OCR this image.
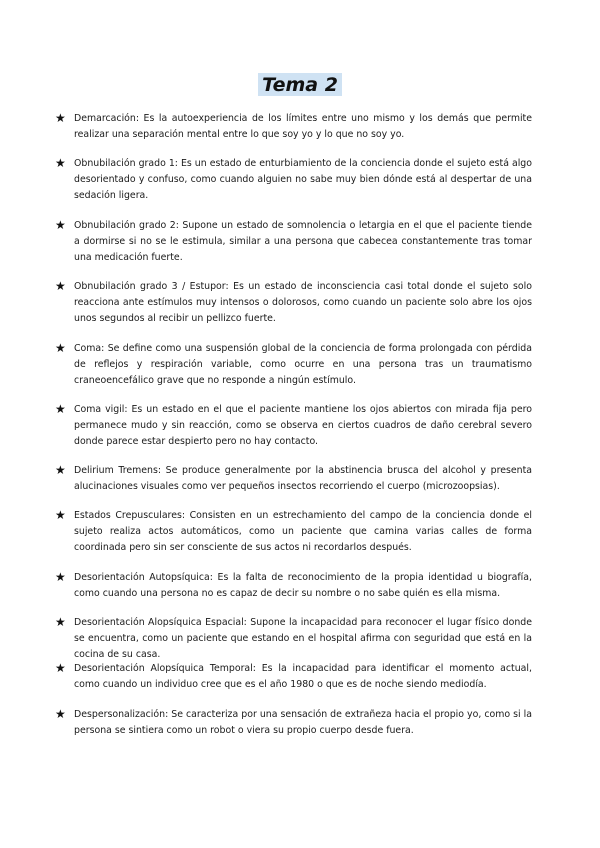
Tema 2
★ Demarcación: Es la autoexperiencia de los límites entre uno mismo y los demás que permite realizar una separación mental entre lo que soy yo y lo que no soy yo.
★ Obnubilación grado 1: Es un estado de enturbiamiento de la conciencia donde el sujeto está algo desorientado y confuso, como cuando alguien no sabe muy bien dónde está al despertar de una sedación ligera.
★ Obnubilación grado 2: Supone un estado de somnolencia o letargia en el que el paciente tiende a dormirse si no se le estimula, similar a una persona que cabecea constantemente tras tomar una medicación fuerte.
★ Obnubilación grado 3 / Estupor: Es un estado de inconsciencia casi total donde el sujeto solo reacciona ante estímulos muy intensos o dolorosos, como cuando un paciente solo abre los ojos unos segundos al recibir un pellizco fuerte.
★ Coma: Se define como una suspensión global de la conciencia de forma prolongada con pérdida de reflejos y respiración variable, como ocurre en una persona tras un traumatismo craneoencefálico grave que no responde a ningún estímulo.
★ Coma vigil: Es un estado en el que el paciente mantiene los ojos abiertos con mirada fija pero permanece mudo y sin reacción, como se observa en ciertos cuadros de daño cerebral severo donde parece estar despierto pero no hay contacto.
★ Delirium Tremens: Se produce generalmente por la abstinencia brusca del alcohol y presenta alucinaciones visuales como ver pequeños insectos recorriendo el cuerpo (microzoopsias).
★ Estados Crepusculares: Consisten en un estrechamiento del campo de la conciencia donde el sujeto realiza actos automáticos, como un paciente que camina varias calles de forma coordinada pero sin ser consciente de sus actos ni recordarlos después.
★ Desorientación Autopsíquica: Es la falta de reconocimiento de la propia identidad u biografía, como cuando una persona no es capaz de decir su nombre o no sabe quién es ella misma.
★ Desorientación Alopsíquica Espacial: Supone la incapacidad para reconocer el lugar físico donde se encuentra, como un paciente que estando en el hospital afirma con seguridad que está en la cocina de su casa.
★ Desorientación Alopsíquica Temporal: Es la incapacidad para identificar el momento actual, como cuando un individuo cree que es el año 1980 o que es de noche siendo mediodía.
★ Despersonalización: Se caracteriza por una sensación de extrañeza hacia el propio yo, como si la persona se sintiera como un robot o viera su propio cuerpo desde fuera.
